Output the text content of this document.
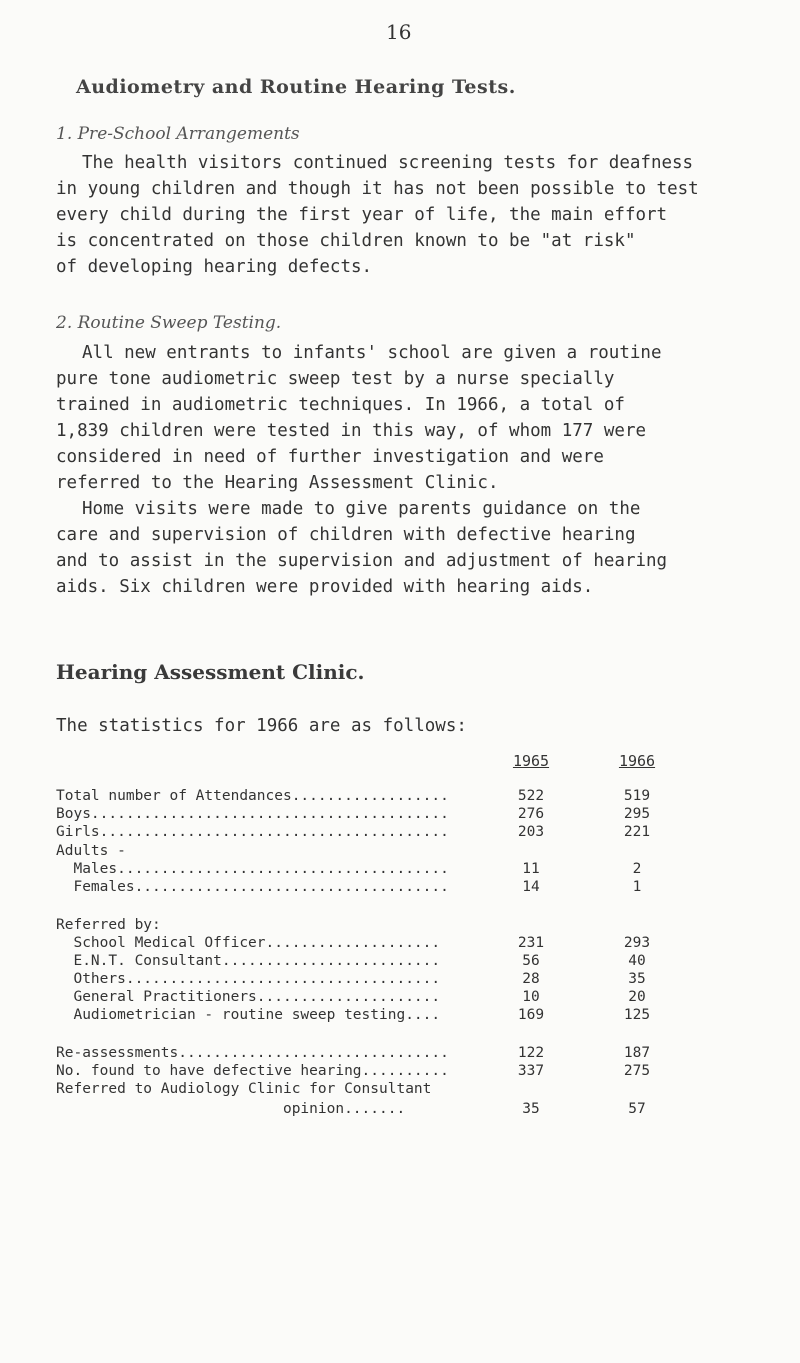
16
Audiometry and Routine Hearing Tests.
1. Pre-School Arrangements
The health visitors continued screening tests for deafness
in young children and though it has not been possible to test
every child during the first year of life, the main effort
is concentrated on those children known to be "at risk"
of developing hearing defects.
2. Routine Sweep Testing.
All new entrants to infants' school are given a routine
pure tone audiometric sweep test by a nurse specially
trained in audiometric techniques. In 1966, a total of
1,839 children were tested in this way, of whom 177 were
considered in need of further investigation and were
referred to the Hearing Assessment Clinic.
Home visits were made to give parents guidance on the
care and supervision of children with defective hearing
and to assist in the supervision and adjustment of hearing
aids. Six children were provided with hearing aids.
Hearing Assessment Clinic.
The statistics for 1966 are as follows:
1965	1966
Total number of Attendances..................	522	519
Boys.........................................	276	295
Girls........................................	203	221
Adults -
Males......................................	11	2
Females....................................	14	1
Referred by:
School Medical Officer....................	231	293
E.N.T. Consultant.........................	56	40
Others....................................	28	35
General Practitioners.....................	10	20
Audiometrician - routine sweep testing....	169	125
Re-assessments...............................	122	187
No. found to have defective hearing..........	337	275
Referred to Audiology Clinic for Consultant
opinion.......	35	57
